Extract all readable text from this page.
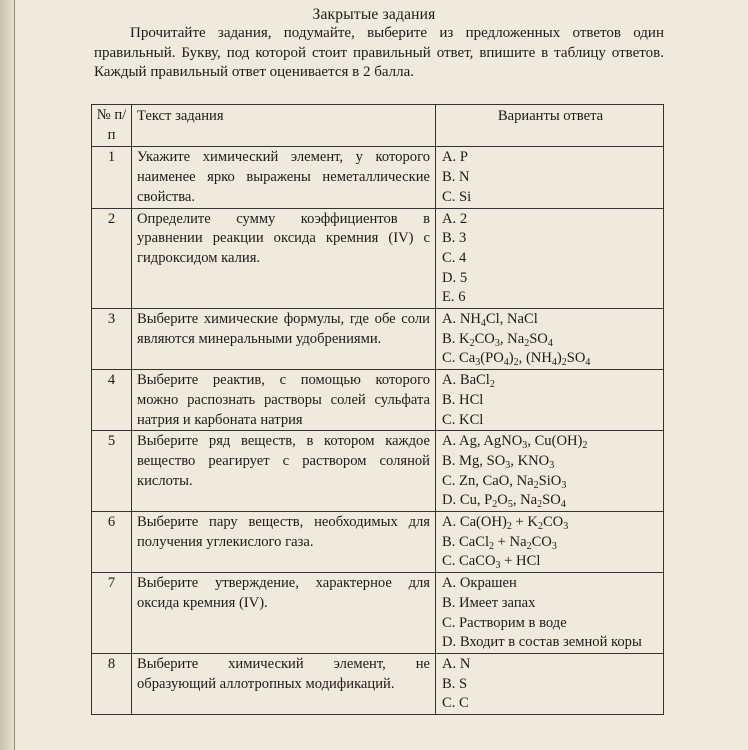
Закрытые задания
Прочитайте задания, подумайте, выберите из предложенных ответов один правильный. Букву, под которой стоит правильный ответ, впишите в таблицу ответов. Каждый правильный ответ оценивается в 2 балла.
№ п/п	Текст задания	Варианты ответа
1	Укажите химический элемент, у которого наименее ярко выражены неметаллические свойства.	A. P
B. N
C. Si

2	Определите сумму коэффициентов в уравнении реакции оксида кремния (IV) с гидроксидом калия.	A. 2
B. 3
C. 4
D. 5
E. 6

3	Выберите химические формулы, где обе соли являются минеральными удобрениями.	A. $NH_4Cl$, NaCl
B. $K_2CO_3$, $Na_2SO_4$
C. $Ca_3(PO_4)_2$, $(NH_4)_2SO_4$

4	Выберите реактив, с помощью которого можно распознать растворы солей сульфата натрия и карбоната натрия	A. BaCl$_2$
B. HCl
C. KCl

5	Выберите ряд веществ, в котором каждое вещество реагирует с раствором соляной кислоты.	A. Ag, AgNO$_3$, $Cu(OH)_2$
B. Mg, $SO_3$, $KNO_3$
C. Zn, CaO, $Na_2SiO_3$
D. Cu, $P_2O_5$, $Na_2SO_4$

6	Выберите пару веществ, необходимых для получения углекислого газа.	A. $Ca(OH)_2 + K_2CO_3$
B. CaCl$_2$ + $Na_2CO_3$
C. CaCO$_3$ + HCl

7	Выберите утверждение, характерное для оксида кремния (IV).	A. Окрашен
B. Имеет запах
C. Растворим в воде
D. Входит в состав земной коры

8	Выберите химический элемент, не образующий аллотропных модификаций.	A. N
B. S
C. C
